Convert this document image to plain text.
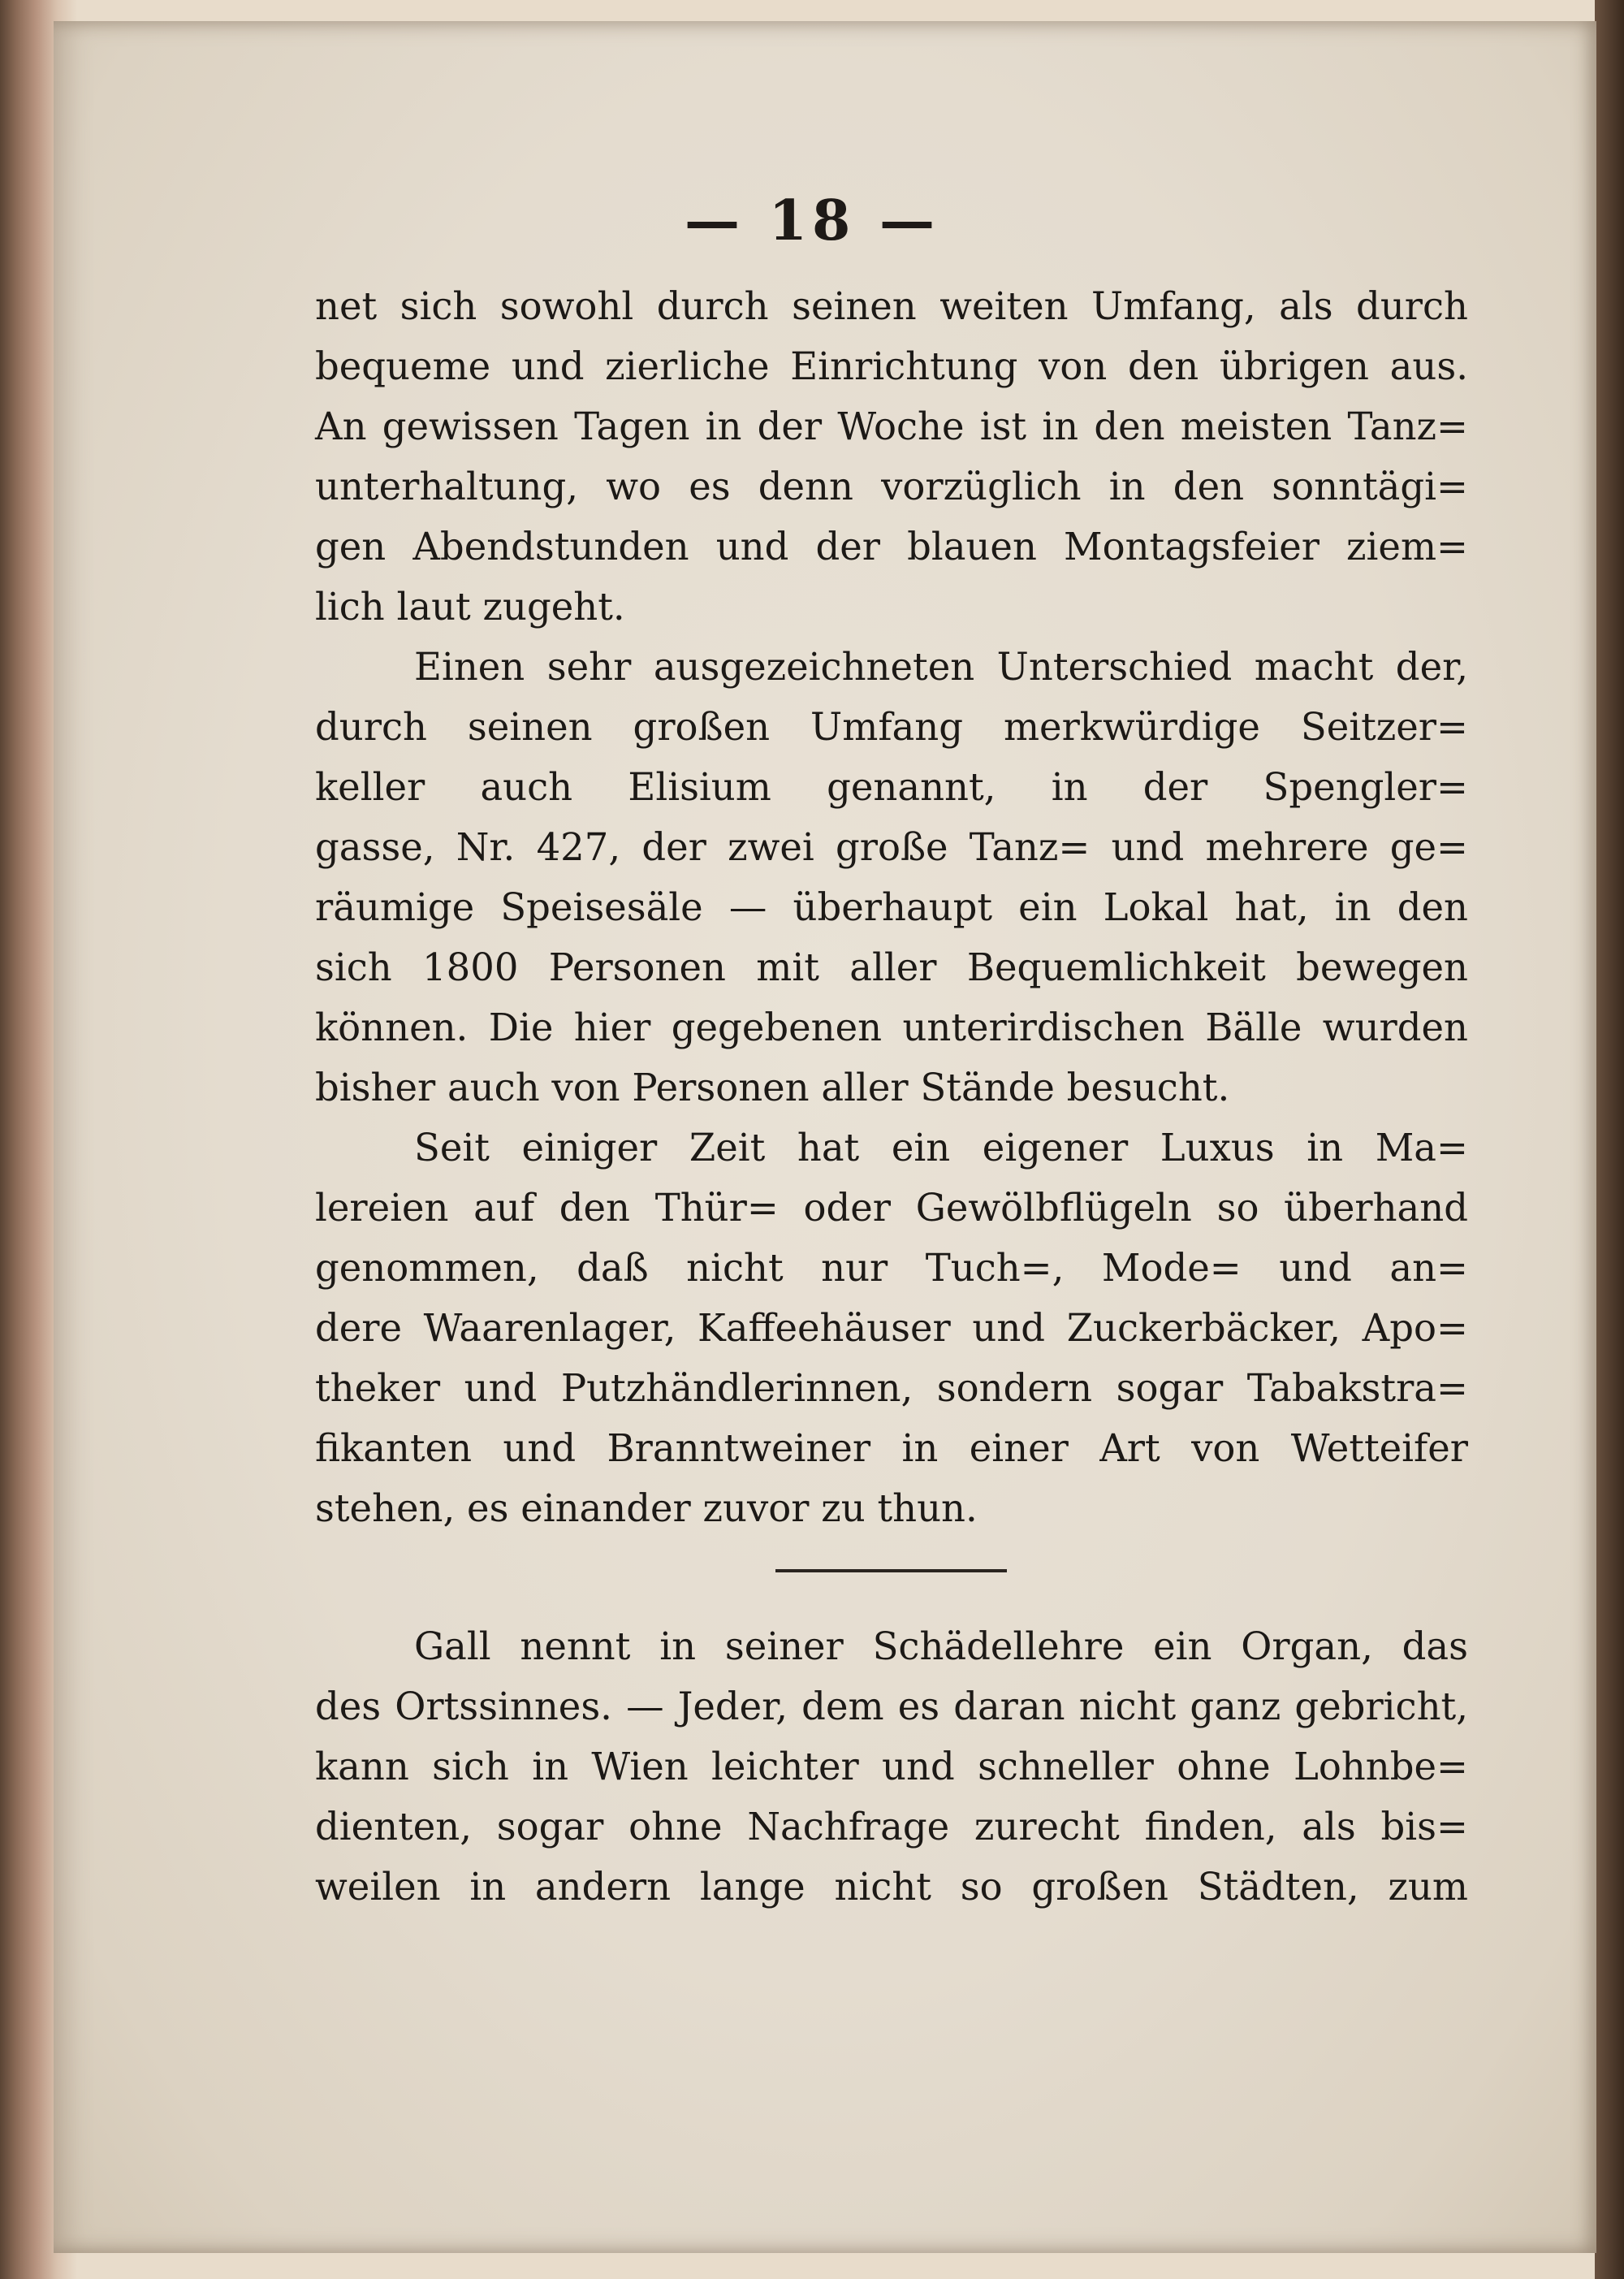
— 18 —
net sich sowohl durch seinen weiten Umfang, als durch
bequeme und zierliche Einrichtung von den übrigen aus.
An gewissen Tagen in der Woche ist in den meisten Tanz=
unterhaltung, wo es denn vorzüglich in den sonntägi=
gen Abendstunden und der blauen Montagsfeier ziem=
lich laut zugeht.
Einen sehr ausgezeichneten Unterschied macht der,
durch seinen großen Umfang merkwürdige Seitzer=
keller auch Elisium genannt, in der Spengler=
gasse, Nr. 427, der zwei große Tanz= und mehrere ge=
räumige Speisesäle — überhaupt ein Lokal hat, in den
sich 1800 Personen mit aller Bequemlichkeit bewegen
können. Die hier gegebenen unterirdischen Bälle wurden
bisher auch von Personen aller Stände besucht.
Seit einiger Zeit hat ein eigener Luxus in Ma=
lereien auf den Thür= oder Gewölbflügeln so überhand
genommen, daß nicht nur Tuch=, Mode= und an=
dere Waarenlager, Kaffeehäuser und Zuckerbäcker, Apo=
theker und Putzhändlerinnen, sondern sogar Tabakstra=
fikanten und Branntweiner in einer Art von Wetteifer
stehen, es einander zuvor zu thun.
Gall nennt in seiner Schädellehre ein Organ, das
des Ortssinnes. — Jeder, dem es daran nicht ganz gebricht,
kann sich in Wien leichter und schneller ohne Lohnbe=
dienten, sogar ohne Nachfrage zurecht finden, als bis=
weilen in andern lange nicht so großen Städten, zum
